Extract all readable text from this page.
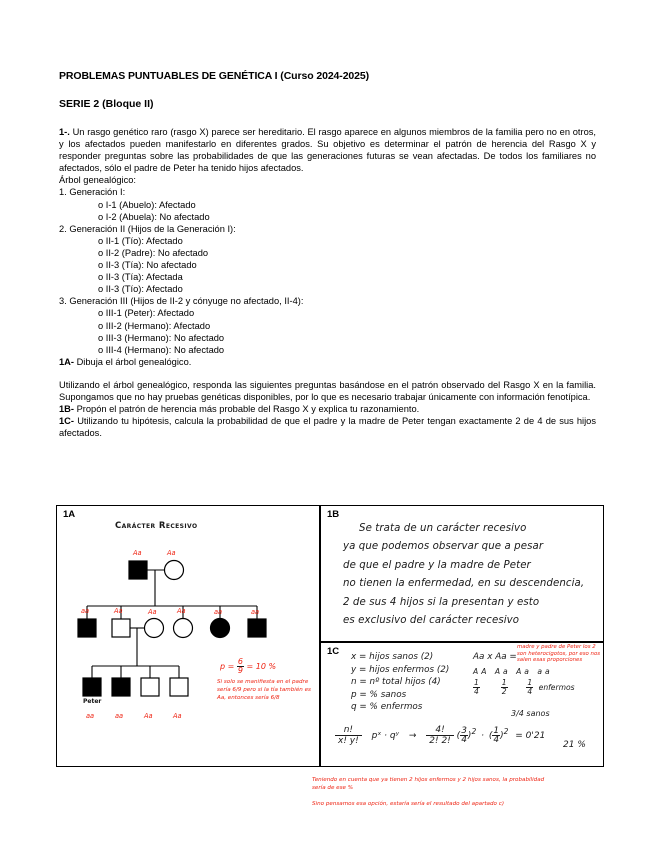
PROBLEMAS PUNTUABLES DE GENÉTICA I (Curso 2024-2025)
SERIE 2 (Bloque II)

1-. Un rasgo genético raro (rasgo X) parece ser hereditario. El rasgo aparece en algunos miembros de la familia pero no en otros, y los afectados pueden manifestarlo en diferentes grados. Su objetivo es determinar el patrón de herencia del Rasgo X y responder preguntas sobre las probabilidades de que las generaciones futuras se vean afectadas. De todos los familiares no afectados, sólo el padre de Peter ha tenido hijos afectados.

Árbol genealógico:

1. Generación I:

o I-1 (Abuelo): Afectado

o I-2 (Abuela): No afectado

2. Generación II (Hijos de la Generación I):

o II-1 (Tío): Afectado

o II-2 (Padre): No afectado

o II-3 (Tía): No afectado

o II-3 (Tía): Afectada

o II-3 (Tío): Afectado

3. Generación III (Hijos de II-2 y cónyuge no afectado, II-4):

o III-1 (Peter): Afectado

o III-2 (Hermano): Afectado

o III-3 (Hermano): No afectado

o III-4 (Hermano): No afectado

1A- Dibuja el árbol genealógico.

Utilizando el árbol genealógico, responda las siguientes preguntas basándose en el patrón observado del Rasgo X en la familia. Supongamos que no hay pruebas genéticas disponibles, por lo que es necesario trabajar únicamente con información fenotípica.

1B- Propón el patrón de herencia más probable del Rasgo X y explica tu razonamiento.

1C- Utilizando tu hipótesis, calcula la probabilidad de que el padre y la madre de Peter tengan exactamente 2 de 4 de sus hijos afectados.

1A
Carácter Recesivo
Aa	Aa
aa	Aa	Aa	Aa	aa	aa
aa	aa	Aa	Aa
Peter
$p = \frac{6}{9} = 10$ %
Si solo se manifiesta en el padre sería 6/9 pero si la tía también es Aa, entonces sería 6/8
1B
Se trata de un carácter recesivo
ya que podemos observar que a pesar
de que el padre y la madre de Peter
no tienen la enfermedad, en su descendencia,
2 de sus 4 hijos si la presentan y esto
es exclusivo del carácter recesivo
1C x = hijos sanos (2)
y = hijos enfermos (2)
n = nº total hijos (4)
p = % sanos
q = % enfermos
Aa x Aa =
madre y padre de Peter los 2 son heterocigotos, por eso nos salen esas proporciones
AA Aa Aa aa
$\frac{1}{4}$
	$\frac{1}{2}$
$\frac{1}{4}$ enfermos
3/4 sanos
$\frac{n!}{x! y!}$ pˣ · qʸ → $\frac{4!}{2! 2!}$ ( $\frac{3}{4} )^2$ · ( $\frac{1}{4} )^2 = 0'21$
21 %
Teniendo en cuenta que ya tienen 2 hijos enfermos y 2 hijos sanos, la probabilidad
sería de ese %
Sino pensamos esa opción, estaría sería el resultado del apartado c)
